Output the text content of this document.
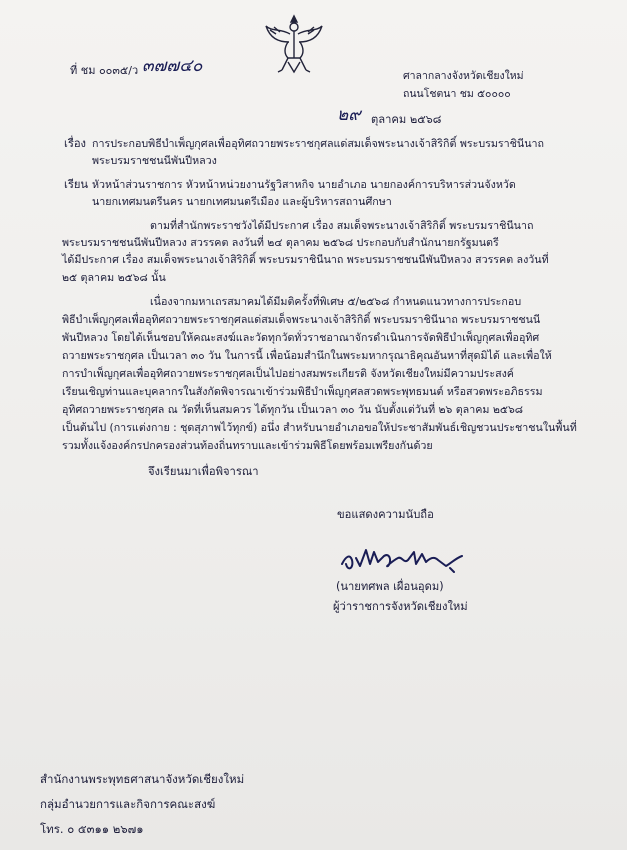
ที่ ชม ๐๐๓๕/ว ๓๗๗๔๐	ศาลากลางจังหวัดเชียงใหม่
ถนนโชตนา ชม ๕๐๐๐๐
๒๙ ตุลาคม ๒๕๖๘
เรื่อง การประกอบพิธีบำเพ็ญกุศลเพื่ออุทิศถวายพระราชกุศลแด่สมเด็จพระนางเจ้าสิริกิติ์ พระบรมราชินีนาถ
พระบรมราชชนนีพันปีหลวง
เรียน หัวหน้าส่วนราชการ หัวหน้าหน่วยงานรัฐวิสาหกิจ นายอำเภอ นายกองค์การบริหารส่วนจังหวัด
นายกเทศมนตรีนคร นายกเทศมนตรีเมือง และผู้บริหารสถานศึกษา
ตามที่สำนักพระราชวังได้มีประกาศ เรื่อง สมเด็จพระนางเจ้าสิริกิติ์ พระบรมราชินีนาถ
พระบรมราชชนนีพันปีหลวง สวรรคต ลงวันที่ ๒๔ ตุลาคม ๒๕๖๘ ประกอบกับสำนักนายกรัฐมนตรี
ได้มีประกาศ เรื่อง สมเด็จพระนางเจ้าสิริกิติ์ พระบรมราชินีนาถ พระบรมราชชนนีพันปีหลวง สวรรคต ลงวันที่
๒๕ ตุลาคม ๒๕๖๘ นั้น
เนื่องจากมหาเถรสมาคมได้มีมติครั้งที่พิเศษ ๕/๒๕๖๘ กำหนดแนวทางการประกอบ
พิธีบำเพ็ญกุศลเพื่ออุทิศถวายพระราชกุศลแด่สมเด็จพระนางเจ้าสิริกิติ์ พระบรมราชินีนาถ พระบรมราชชนนี
พันปีหลวง โดยได้เห็นชอบให้คณะสงฆ์และวัดทุกวัดทั่วราชอาณาจักรดำเนินการจัดพิธีบำเพ็ญกุศลเพื่ออุทิศ
ถวายพระราชกุศล เป็นเวลา ๓๐ วัน ในการนี้ เพื่อน้อมสำนึกในพระมหากรุณาธิคุณอันหาที่สุดมิได้ และเพื่อให้
การบำเพ็ญกุศลเพื่ออุทิศถวายพระราชกุศลเป็นไปอย่างสมพระเกียรติ จังหวัดเชียงใหม่มีความประสงค์
เรียนเชิญท่านและบุคลากรในสังกัดพิจารณาเข้าร่วมพิธีบำเพ็ญกุศลสวดพระพุทธมนต์ หรือสวดพระอภิธรรม
อุทิศถวายพระราชกุศล ณ วัดที่เห็นสมควร ได้ทุกวัน เป็นเวลา ๓๐ วัน นับตั้งแต่วันที่ ๒๖ ตุลาคม ๒๕๖๘
เป็นต้นไป (การแต่งกาย : ชุดสุภาพไว้ทุกข์) อนึ่ง สำหรับนายอำเภอขอให้ประชาสัมพันธ์เชิญชวนประชาชนในพื้นที่
รวมทั้งแจ้งองค์กรปกครองส่วนท้องถิ่นทราบและเข้าร่วมพิธีโดยพร้อมเพรียงกันด้วย
จึงเรียนมาเพื่อพิจารณา
ขอแสดงความนับถือ
(นายทศพล เผื่อนอุดม)
ผู้ว่าราชการจังหวัดเชียงใหม่
สำนักงานพระพุทธศาสนาจังหวัดเชียงใหม่
กลุ่มอำนวยการและกิจการคณะสงฆ์
โทร. ๐ ๕๓๑๑ ๒๖๗๑
